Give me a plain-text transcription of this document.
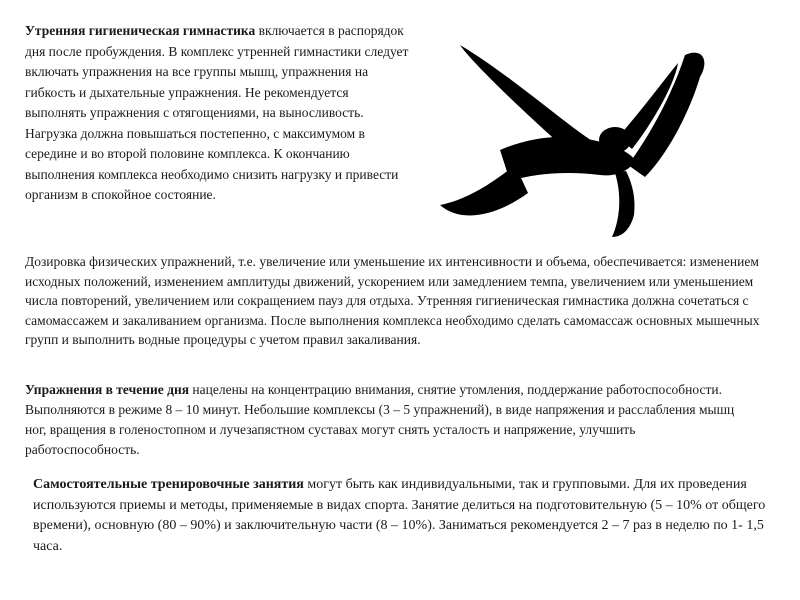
Утренняя гигиеническая гимнастика включается в распорядок дня после пробуждения. В комплекс утренней гимнастики следует включать упражнения на все группы мышц, упражнения на гибкость и дыхательные упражнения. Не рекомендуется выполнять упражнения с отягощениями, на выносливость. Нагрузка должна повышаться постепенно, с максимумом в середине и во второй половине комплекса. К окончанию выполнения комплекса необходимо снизить нагрузку и привести организм в спокойное состояние.

Дозировка физических упражнений, т.е. увеличение или уменьшение их интенсивности и объема, обеспечивается: изменением исходных положений, изменением амплитуды движений, ускорением или замедлением темпа, увеличением или уменьшением числа повторений, увеличением или сокращением пауз для отдыха. Утренняя гигиеническая гимнастика должна сочетаться с самомассажем и закаливанием организма. После выполнения комплекса необходимо сделать самомассаж основных мышечных групп и выполнить водные процедуры с учетом правил закаливания.

Упражнения в течение дня нацелены на концентрацию внимания, снятие утомления, поддержание работоспособности. Выполняются в режиме 8 – 10 минут. Небольшие комплексы (3 – 5 упражнений), в виде напряжения и расслабления мышц ног, вращения в голеностопном и лучезапястном суставах могут снять усталость и напряжение, улучшить работоспособность.

Самостоятельные тренировочные занятия могут быть как индивидуальными, так и групповыми. Для их проведения используются приемы и методы, применяемые в видах спорта. Занятие делиться на подготовительную (5 – 10% от общего времени), основную (80 – 90%) и заключительную части (8 – 10%). Заниматься рекомендуется 2 – 7 раз в неделю по 1- 1,5 часа.
